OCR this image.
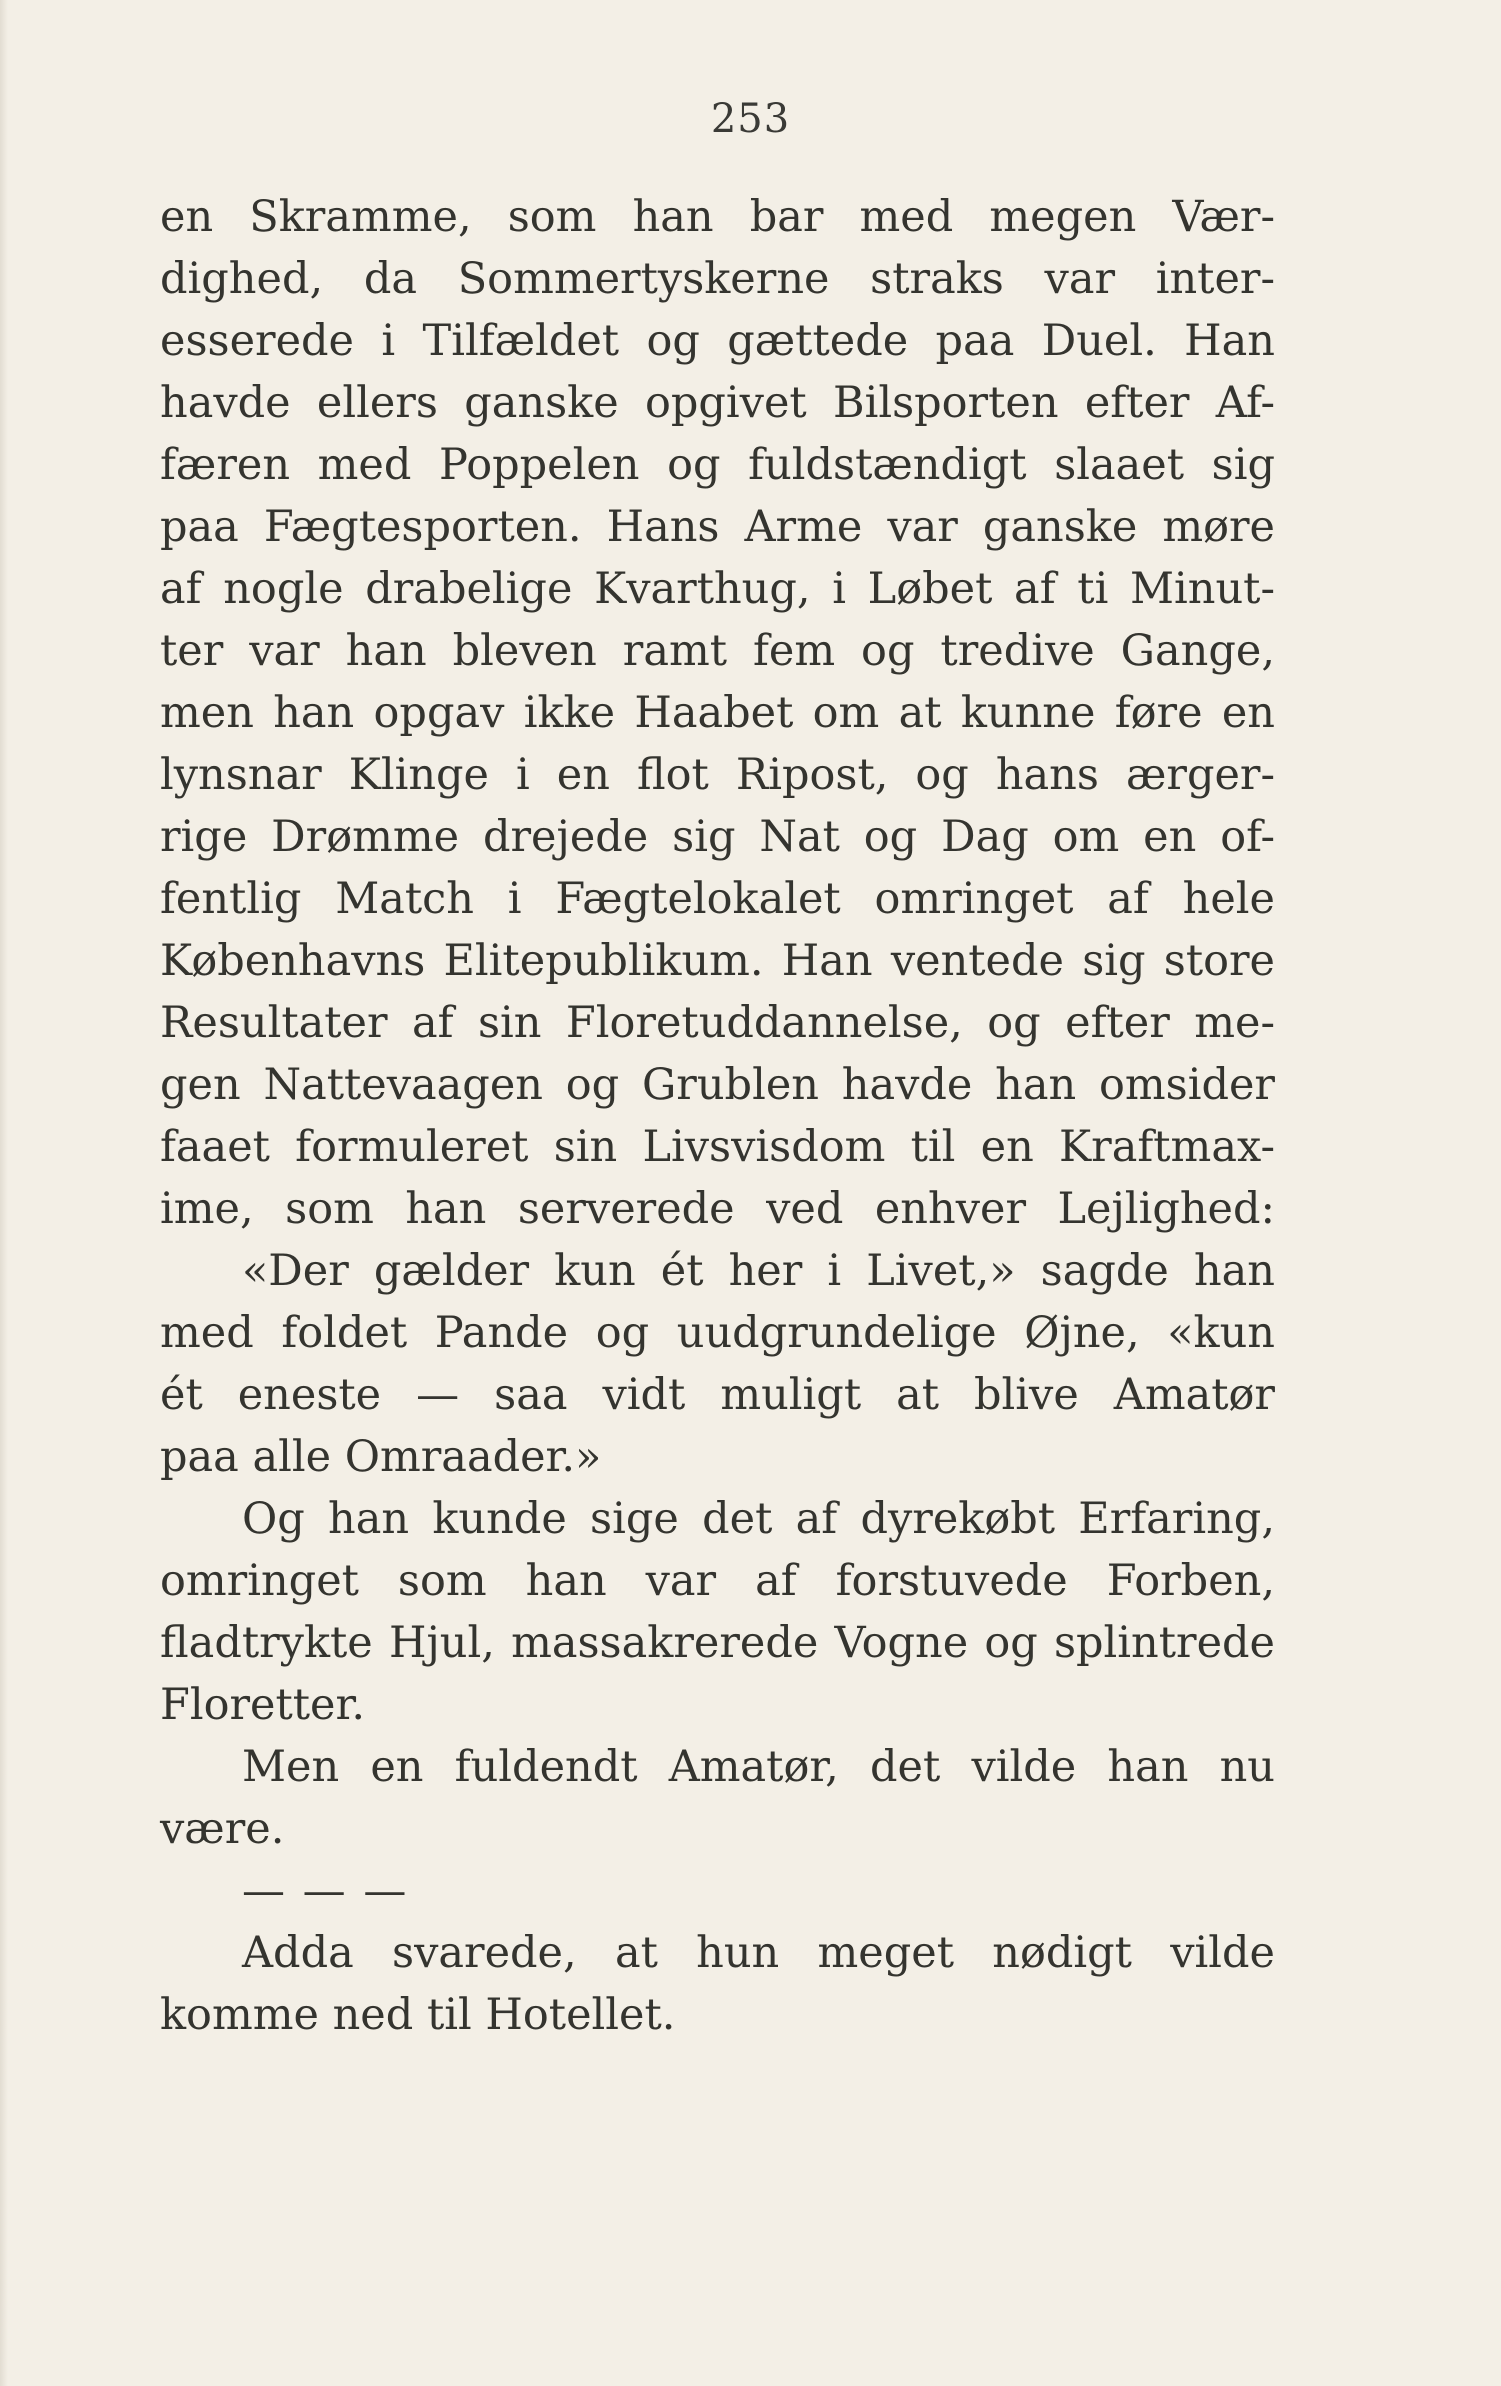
253
en Skramme, som han bar med megen Vær-
dighed, da Sommertyskerne straks var inter-
esserede i Tilfældet og gættede paa Duel. Han
havde ellers ganske opgivet Bilsporten efter Af-
færen med Poppelen og fuldstændigt slaaet sig
paa Fægtesporten. Hans Arme var ganske møre
af nogle drabelige Kvarthug, i Løbet af ti Minut-
ter var han bleven ramt fem og tredive Gange,
men han opgav ikke Haabet om at kunne føre en
lynsnar Klinge i en flot Ripost, og hans ærger-
rige Drømme drejede sig Nat og Dag om en of-
fentlig Match i Fægtelokalet omringet af hele
Københavns Elitepublikum. Han ventede sig store
Resultater af sin Floretuddannelse, og efter me-
gen Nattevaagen og Grublen havde han omsider
faaet formuleret sin Livsvisdom til en Kraftmax-
ime, som han serverede ved enhver Lejlighed:
«Der gælder kun ét her i Livet,» sagde han
med foldet Pande og uudgrundelige Øjne, «kun
ét eneste — saa vidt muligt at blive Amatør
paa alle Omraader.»
Og han kunde sige det af dyrekøbt Erfaring,
omringet som han var af forstuvede Forben,
fladtrykte Hjul, massakrerede Vogne og splintrede
Floretter.
Men en fuldendt Amatør, det vilde han nu
være.
— — —
Adda svarede, at hun meget nødigt vilde
komme ned til Hotellet.
